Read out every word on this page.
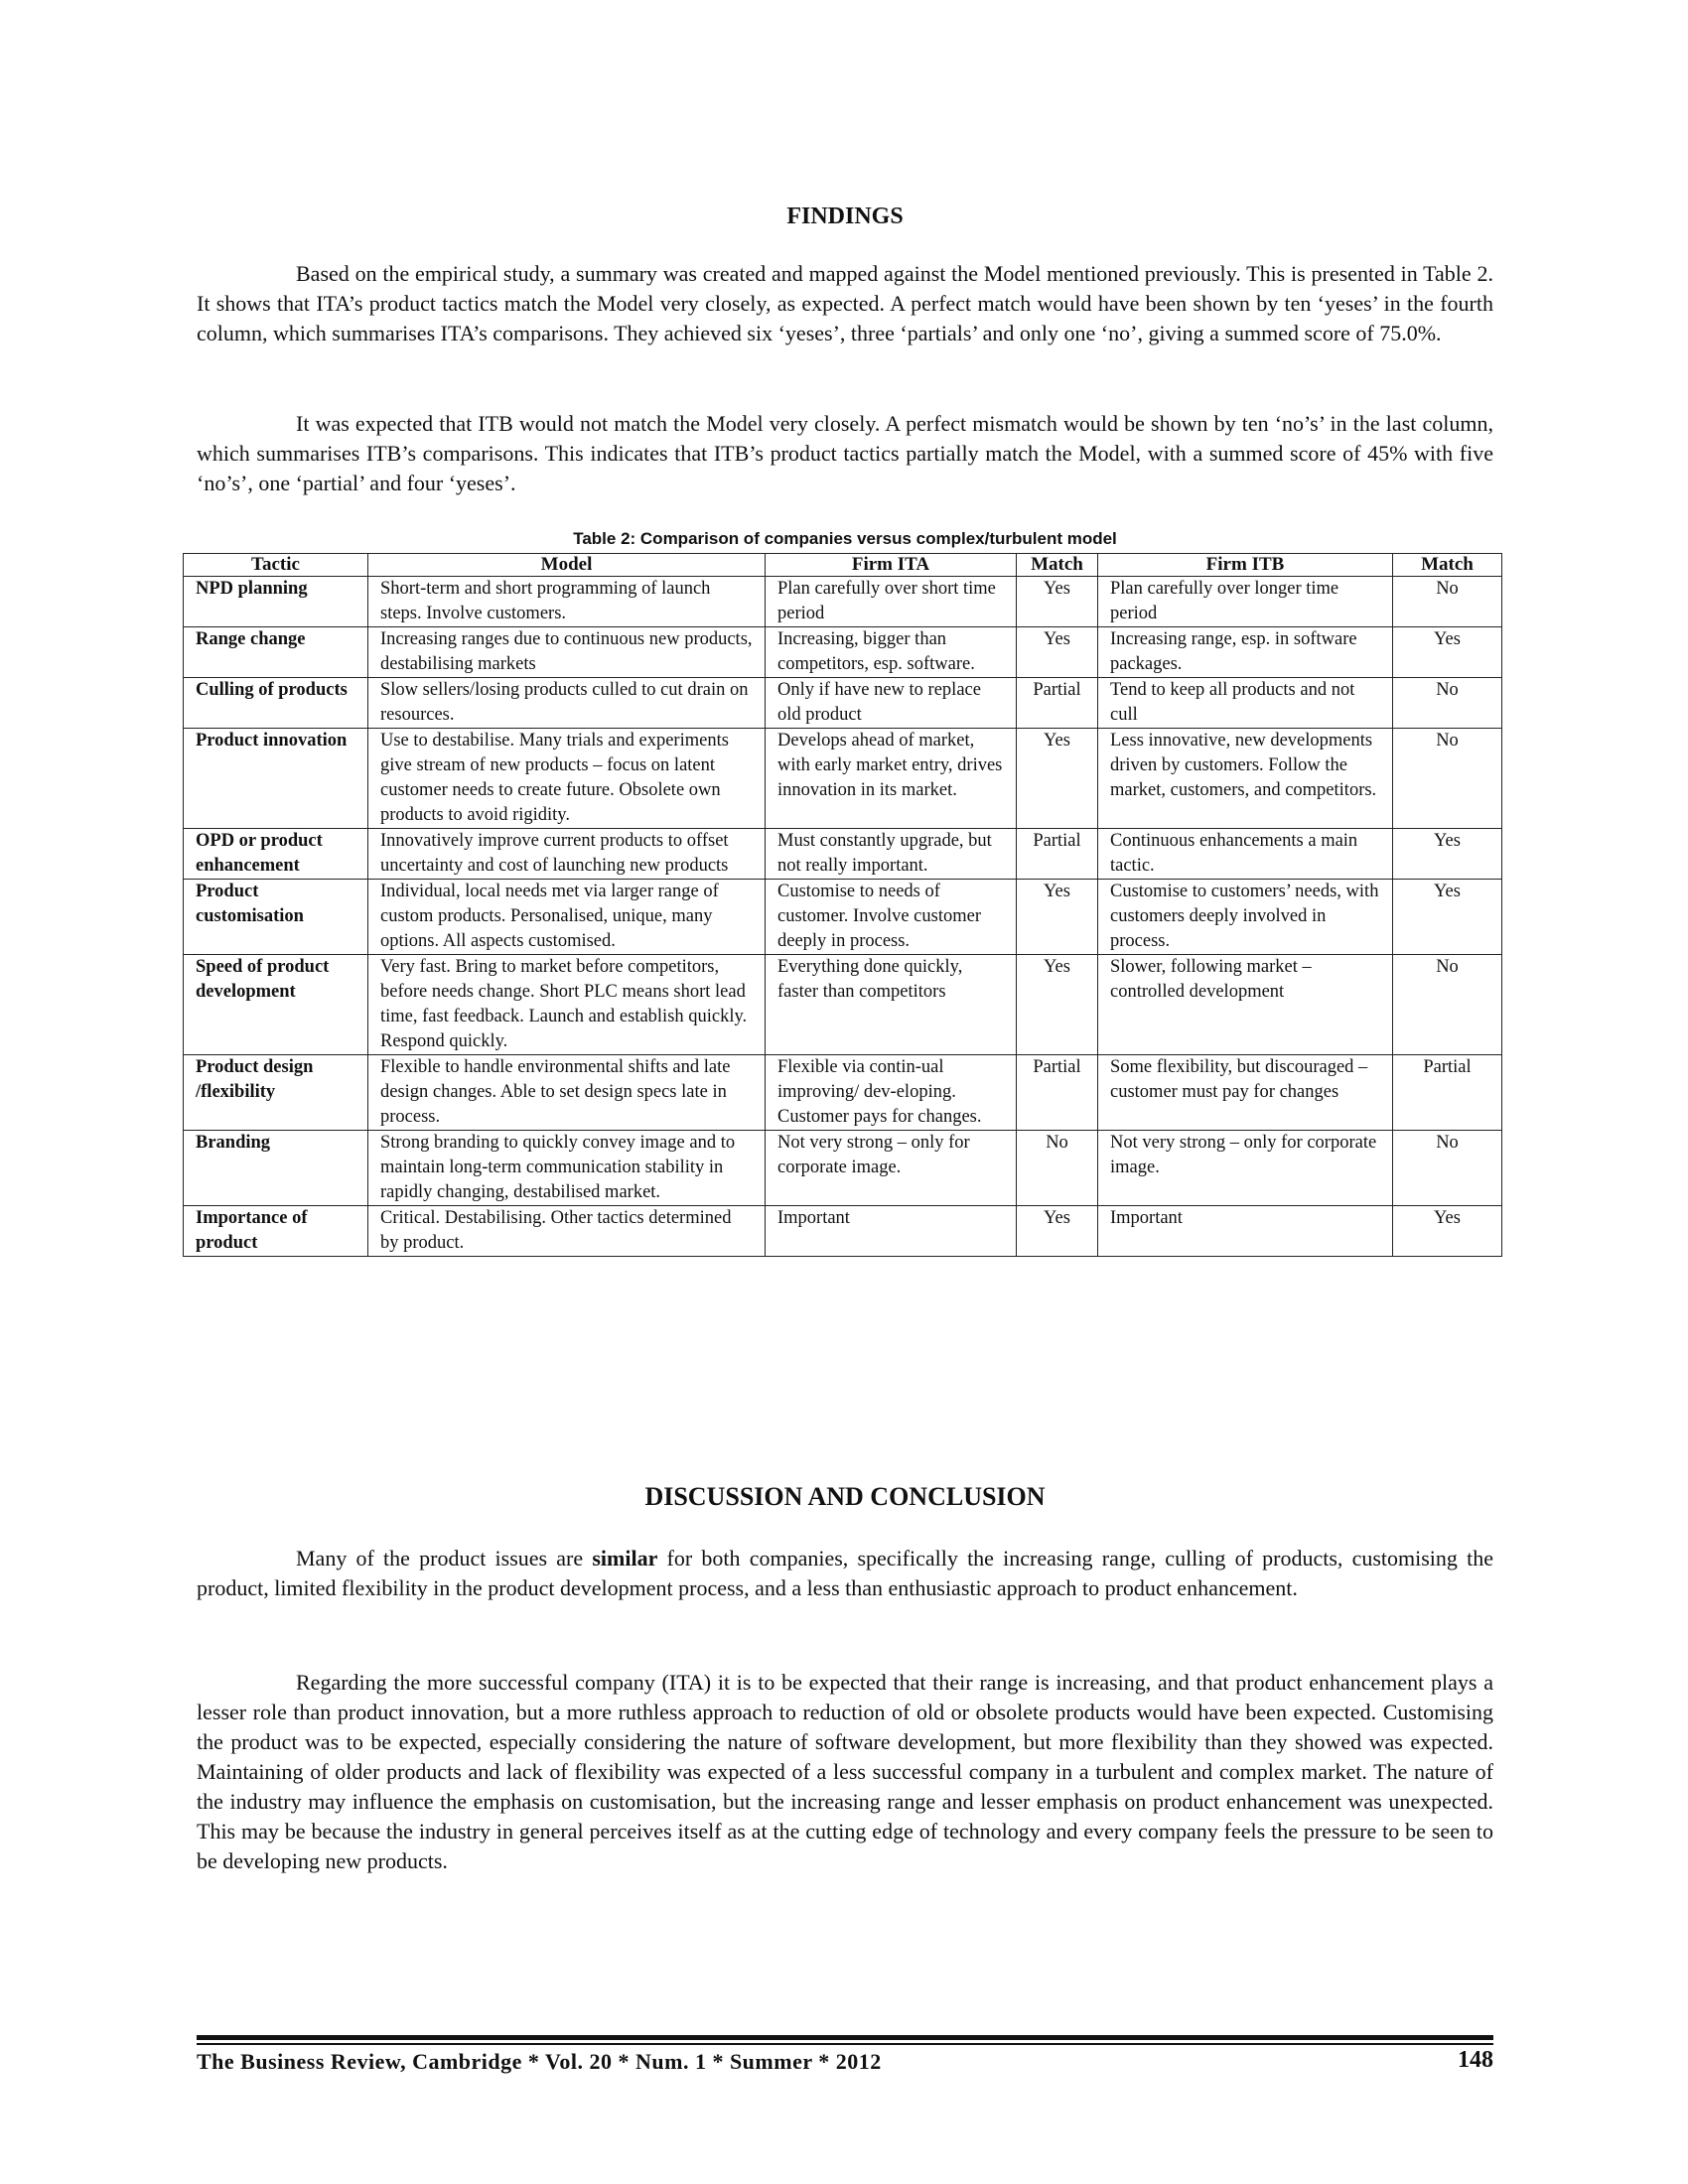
FINDINGS

Based on the empirical study, a summary was created and mapped against the Model mentioned previously. This is presented in Table 2. It shows that ITA’s product tactics match the Model very closely, as expected. A perfect match would have been shown by ten ‘yeses’ in the fourth column, which summarises ITA’s comparisons. They achieved six ‘yeses’, three ‘partials’ and only one ‘no’, giving a summed score of 75.0%.

It was expected that ITB would not match the Model very closely. A perfect mismatch would be shown by ten ‘no’s’ in the last column, which summarises ITB’s comparisons. This indicates that ITB’s product tactics partially match the Model, with a summed score of 45% with five ‘no’s’, one ‘partial’ and four ‘yeses’.

Table 2: Comparison of companies versus complex/turbulent model
Tactic	Model	Firm ITA	Match	Firm ITB	Match
NPD planning	Short-term and short programming of launch steps. Involve customers.	Plan carefully over short time period	Yes	Plan carefully over longer time period	No
Range change	Increasing ranges due to continuous new products, destabilising markets	Increasing, bigger than competitors, esp. software.	Yes	Increasing range, esp. in software packages.	Yes
Culling of products	Slow sellers/losing products culled to cut drain on resources.	Only if have new to replace old product	Partial	Tend to keep all products and not cull	No
Product innovation	Use to destabilise. Many trials and experiments give stream of new products – focus on latent customer needs to create future. Obsolete own products to avoid rigidity.	Develops ahead of market, with early market entry, drives innovation in its market.	Yes	Less innovative, new developments driven by customers. Follow the market, customers, and competitors.	No
OPD or product enhancement	Innovatively improve current products to offset uncertainty and cost of launching new products	Must constantly upgrade, but not really important.	Partial	Continuous enhancements a main tactic.	Yes
Product customisation	Individual, local needs met via larger range of custom products. Personalised, unique, many options. All aspects customised.	Customise to needs of customer. Involve customer deeply in process.	Yes	Customise to customers’ needs, with customers deeply involved in process.	Yes
Speed of product development	Very fast. Bring to market before competitors, before needs change. Short PLC means short lead time, fast feedback. Launch and establish quickly. Respond quickly.	Everything done quickly, faster than competitors	Yes	Slower, following market – controlled development	No
Product design /flexibility	Flexible to handle environmental shifts and late design changes. Able to set design specs late in process.	Flexible via contin-ual improving/ dev-eloping. Customer pays for changes.	Partial	Some flexibility, but discouraged – customer must pay for changes	Partial
Branding	Strong branding to quickly convey image and to maintain long-term communication stability in rapidly changing, destabilised market.	Not very strong – only for corporate image.	No	Not very strong – only for corporate image.	No
Importance of product	Critical. Destabilising. Other tactics determined by product.	Important	Yes	Important	Yes
DISCUSSION AND CONCLUSION

Many of the product issues are similar for both companies, specifically the increasing range, culling of products, customising the product, limited flexibility in the product development process, and a less than enthusiastic approach to product enhancement.

Regarding the more successful company (ITA) it is to be expected that their range is increasing, and that product enhancement plays a lesser role than product innovation, but a more ruthless approach to reduction of old or obsolete products would have been expected. Customising the product was to be expected, especially considering the nature of software development, but more flexibility than they showed was expected. Maintaining of older products and lack of flexibility was expected of a less successful company in a turbulent and complex market. The nature of the industry may influence the emphasis on customisation, but the increasing range and lesser emphasis on product enhancement was unexpected. This may be because the industry in general perceives itself as at the cutting edge of technology and every company feels the pressure to be seen to be developing new products.

The Business Review, Cambridge * Vol. 20 * Num. 1 * Summer * 2012	148
